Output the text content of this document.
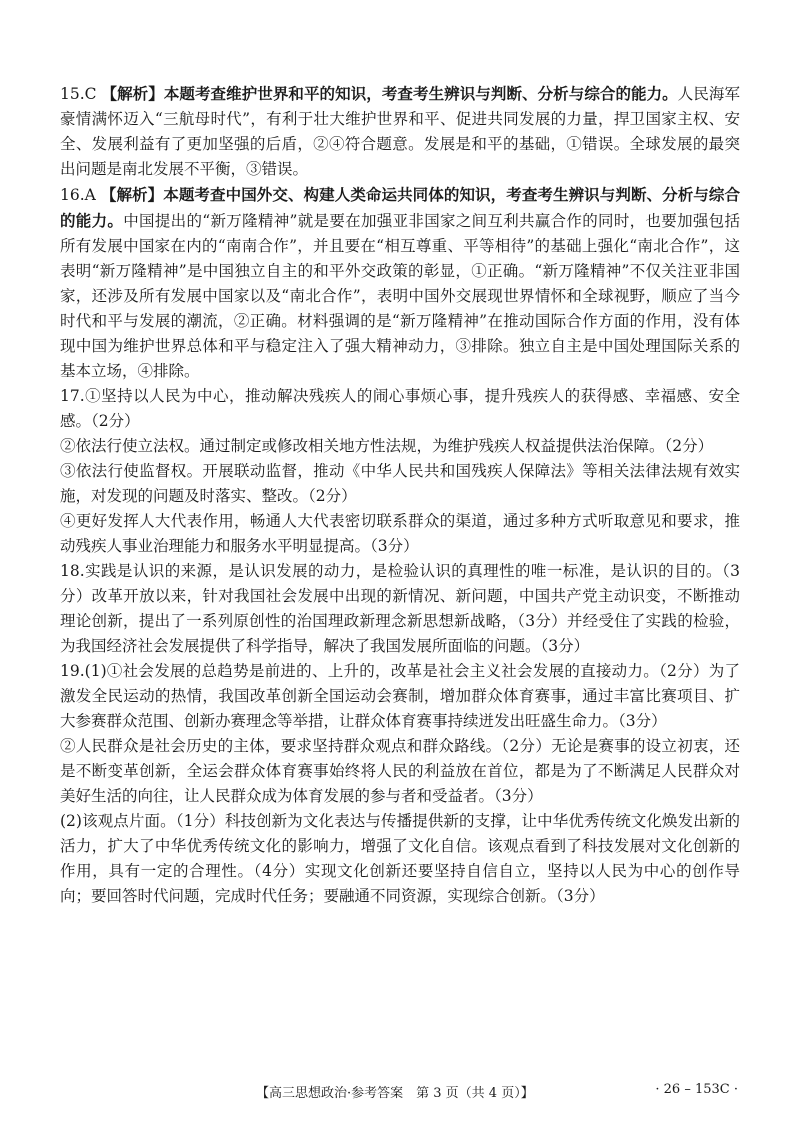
15.C 【解析】本题考查维护世界和平的知识，考查考生辨识与判断、分析与综合的能力。人民海军豪情满怀迈入“三航母时代”，有利于壮大维护世界和平、促进共同发展的力量，捍卫国家主权、安全、发展利益有了更加坚强的后盾，②④符合题意。发展是和平的基础，①错误。全球发展的最突出问题是南北发展不平衡，③错误。

16.A 【解析】本题考查中国外交、构建人类命运共同体的知识，考查考生辨识与判断、分析与综合的能力。中国提出的“新万隆精神”就是要在加强亚非国家之间互利共赢合作的同时，也要加强包括所有发展中国家在内的“南南合作”，并且要在“相互尊重、平等相待”的基础上强化“南北合作”，这表明“新万隆精神”是中国独立自主的和平外交政策的彰显，①正确。“新万隆精神”不仅关注亚非国家，还涉及所有发展中国家以及“南北合作”，表明中国外交展现世界情怀和全球视野，顺应了当今时代和平与发展的潮流，②正确。材料强调的是“新万隆精神”在推动国际合作方面的作用，没有体现中国为维护世界总体和平与稳定注入了强大精神动力，③排除。独立自主是中国处理国际关系的基本立场，④排除。

17.①坚持以人民为中心，推动解决残疾人的闹心事烦心事，提升残疾人的获得感、幸福感、安全感。（2分）

②依法行使立法权。通过制定或修改相关地方性法规，为维护残疾人权益提供法治保障。（2分）

③依法行使监督权。开展联动监督，推动《中华人民共和国残疾人保障法》等相关法律法规有效实施，对发现的问题及时落实、整改。（2分）

④更好发挥人大代表作用，畅通人大代表密切联系群众的渠道，通过多种方式听取意见和要求，推动残疾人事业治理能力和服务水平明显提高。（3分）

18.实践是认识的来源，是认识发展的动力，是检验认识的真理性的唯一标准，是认识的目的。（3分）改革开放以来，针对我国社会发展中出现的新情况、新问题，中国共产党主动识变，不断推动理论创新，提出了一系列原创性的治国理政新理念新思想新战略，（3分）并经受住了实践的检验，为我国经济社会发展提供了科学指导，解决了我国发展所面临的问题。（3分）

19.(1)①社会发展的总趋势是前进的、上升的，改革是社会主义社会发展的直接动力。（2分）为了激发全民运动的热情，我国改革创新全国运动会赛制，增加群众体育赛事，通过丰富比赛项目、扩大参赛群众范围、创新办赛理念等举措，让群众体育赛事持续迸发出旺盛生命力。（3分）

②人民群众是社会历史的主体，要求坚持群众观点和群众路线。（2分）无论是赛事的设立初衷，还是不断变革创新，全运会群众体育赛事始终将人民的利益放在首位，都是为了不断满足人民群众对美好生活的向往，让人民群众成为体育发展的参与者和受益者。（3分）

(2)该观点片面。（1分）科技创新为文化表达与传播提供新的支撑，让中华优秀传统文化焕发出新的活力，扩大了中华优秀传统文化的影响力，增强了文化自信。该观点看到了科技发展对文化创新的作用，具有一定的合理性。（4分）实现文化创新还要坚持自信自立，坚持以人民为中心的创作导向；要回答时代问题，完成时代任务；要融通不同资源，实现综合创新。（3分）

【高三思想政治·参考答案　第 3 页（共 4 页）】	· 26 – 153C ·
